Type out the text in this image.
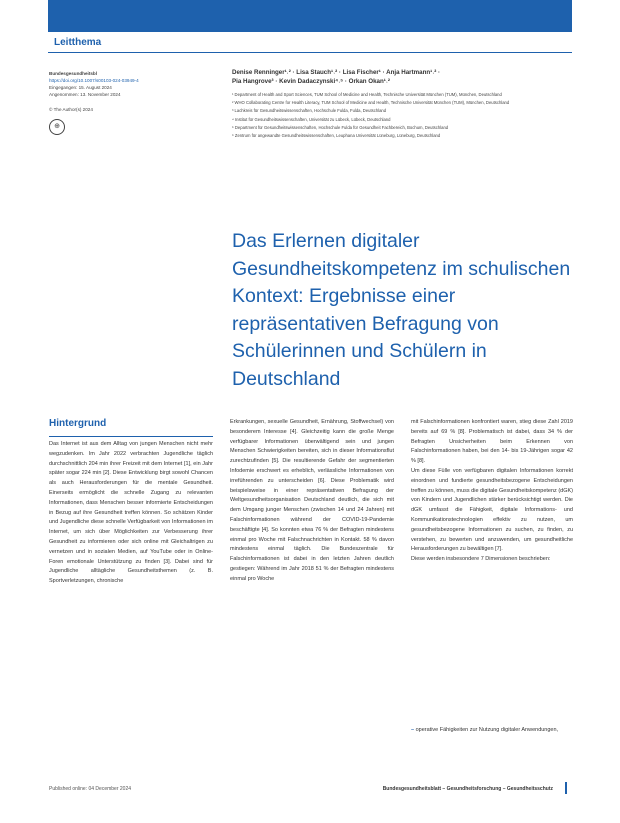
Leitthema
Bundesgesundheitsbl
https://doi.org/10.1007/s00103-024-03949-4
Eingegangen: 15. August 2024
Angenommen: 13. November 2024
© The Author(s) 2024
⊕
Denise Renninger¹˒² · Lisa Stauch¹˒² · Lisa Fischer¹ · Anja Hartmann¹˒² ·
Pia Hangrove³ · Kevin Dadaczynski⁴˒⁵ · Orkan Okan¹˒²
¹ Department of Health and Sport Sciences, TUM School of Medicine and Health, Technische Universität München (TUM), München, Deutschland
² WHO Collaborating Centre for Health Literacy, TUM School of Medicine and Health, Technische Universität München (TUM), München, Deutschland
³ Lachkreis für Gesundheitswissenschaften, Hochschule Fulda, Fulda, Deutschland
⁴ Institut für Gesundheitswissenschaften, Universität zu Lübeck, Lübeck, Deutschland
⁵ Department für Gesundheitswissenschaften, Hochschule Fulda für Gesundheit Fachbereich, Bochum, Deutschland
⁶ Zentrum für angewandte Gesundheitswissenschaften, Leuphana Universität Lüneburg, Lüneburg, Deutschland
Das Erlernen digitaler Gesundheitskompetenz im schulischen Kontext: Ergebnisse einer repräsentativen Befragung von Schülerinnen und Schülern in Deutschland
Hintergrund

Das Internet ist aus dem Alltag von jungen Menschen nicht mehr wegzudenken. Im Jahr 2022 verbrachten Jugendliche täglich durchschnittlich 204 min ihrer Freizeit mit dem Internet [1], ein Jahr später sogar 224 min [2]. Diese Entwicklung birgt sowohl Chancen als auch Herausforderungen für die mentale Gesundheit. Einerseits ermöglicht die schnelle Zugang zu relevanten Informationen, dass Menschen besser informierte Entscheidungen in Bezug auf ihre Gesundheit treffen können. So schätzen Kinder und Jugendliche diese schnelle Verfügbarkeit von Informationen im Internet, um sich über Möglichkeiten zur Verbesserung ihrer Gesundheit zu informieren oder sich online mit Gleichaltrigen zu vernetzen und in sozialen Medien, auf YouTube oder in Online-Foren emotionale Unterstützung zu finden [3]. Dabei sind für Jugendliche alltägliche Gesundheitsthemen (z. B. Sportverletzungen, chronische

Erkrankungen, sexuelle Gesundheit, Ernährung, Stoffwechsel) von besonderem Interesse [4]. Gleichzeitig kann die große Menge verfügbarer Informationen überwältigend sein und jungen Menschen Schwierigkeiten bereiten, sich in dieser Informationsflut zurechtzufinden [5]. Die resultierende Gefahr der segmentierten Infodemie erschwert es erheblich, verlässliche Informationen von irreführenden zu unterscheiden [6]. Diese Problematik wird beispielsweise in einer repräsentativen Befragung der Weltgesundheitsorganisation Deutschland deutlich, die sich mit dem Umgang junger Menschen (zwischen 14 und 24 Jahren) mit Falschinformationen während der COVID-19-Pandemie beschäftigte [4]. So konnten etwa 76 % der Befragten mindestens einmal pro Woche mit Falschnachrichten in Kontakt. 58 % davon mindestens einmal täglich. Die Bundeszentrale für Falschinformationen ist dabei in den letzten Jahren deutlich gestiegen: Während im Jahr 2018 51 % der Befragten mindestens einmal pro Woche

mit Falschinformationen konfrontiert waren, stieg diese Zahl 2019 bereits auf 69 % [8]. Problematisch ist dabei, dass 34 % der Befragten Unsicherheiten beim Erkennen von Falschinformationen haben, bei den 14- bis 19-Jährigen sogar 42 % [8].
Um diese Fülle von verfügbaren digitalen Informationen korrekt einordnen und fundierte gesundheitsbezogene Entscheidungen treffen zu können, muss die digitale Gesundheitskompetenz (dGK) von Kindern und Jugendlichen stärker berücksichtigt werden. Die dGK umfasst die Fähigkeit, digitale Informations- und Kommunikationstechnologien effektiv zu nutzen, um gesundheitsbezogene Informationen zu suchen, zu finden, zu verstehen, zu bewerten und anzuwenden, um gesundheitliche Herausforderungen zu bewältigen [7].
Diese werden insbesondere 7 Dimensionen beschrieben:

– operative Fähigkeiten zur Nutzung digitaler Anwendungen,
Published online: 04 December 2024	Bundesgesundheitsblatt – Gesundheitsforschung – Gesundheitsschutz
